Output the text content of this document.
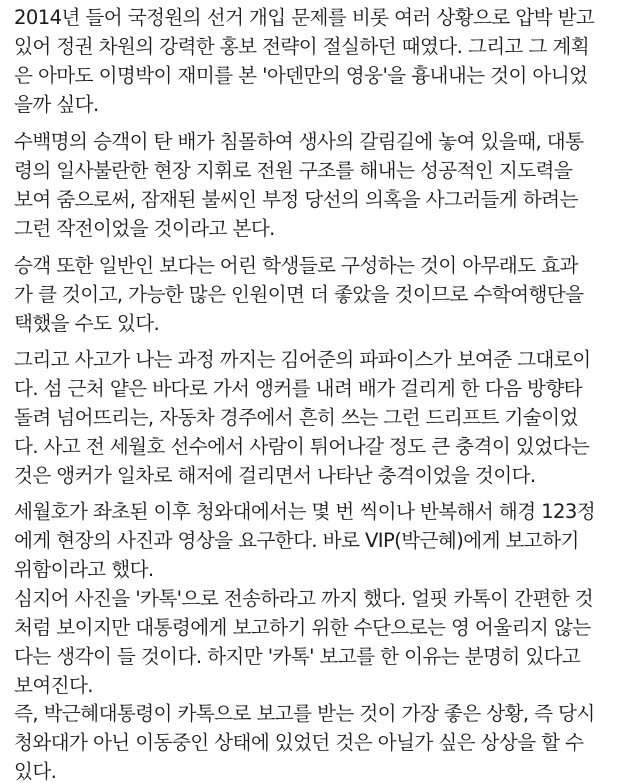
2014년 들어 국정원의 선거 개입 문제를 비롯 여러 상황으로 압박 받고
있어 정권 차원의 강력한 홍보 전략이 절실하던 때였다. 그리고 그 계획
은 아마도 이명박이 재미를 본 '아덴만의 영웅'을 흉내내는 것이 아니었
을까 싶다.
수백명의 승객이 탄 배가 침몰하여 생사의 갈림길에 놓여 있을때, 대통
령의 일사불란한 현장 지휘로 전원 구조를 해내는 성공적인 지도력을
보여 줌으로써, 잠재된 불씨인 부정 당선의 의혹을 사그러들게 하려는
그런 작전이었을 것이라고 본다.
승객 또한 일반인 보다는 어린 학생들로 구성하는 것이 아무래도 효과
가 클 것이고, 가능한 많은 인원이면 더 좋았을 것이므로 수학여행단을
택했을 수도 있다.
그리고 사고가 나는 과정 까지는 김어준의 파파이스가 보여준 그대로이
다. 섬 근처 얕은 바다로 가서 앵커를 내려 배가 걸리게 한 다음 방향타
돌려 넘어뜨리는, 자동차 경주에서 흔히 쓰는 그런 드리프트 기술이었
다. 사고 전 세월호 선수에서 사람이 튀어나갈 정도 큰 충격이 있었다는
것은 앵커가 일차로 해저에 걸리면서 나타난 충격이었을 것이다.
세월호가 좌초된 이후 청와대에서는 몇 번 씩이나 반복해서 해경 123정
에게 현장의 사진과 영상을 요구한다. 바로 VIP(박근혜)에게 보고하기
위함이라고 했다.
심지어 사진을 '카톡'으로 전송하라고 까지 했다. 얼핏 카톡이 간편한 것
처럼 보이지만 대통령에게 보고하기 위한 수단으로는 영 어울리지 않는
다는 생각이 들 것이다. 하지만 '카톡' 보고를 한 이유는 분명히 있다고
보여진다.
즉, 박근혜대통령이 카톡으로 보고를 받는 것이 가장 좋은 상황, 즉 당시
청와대가 아닌 이동중인 상태에 있었던 것은 아닐가 싶은 상상을 할 수
있다.
